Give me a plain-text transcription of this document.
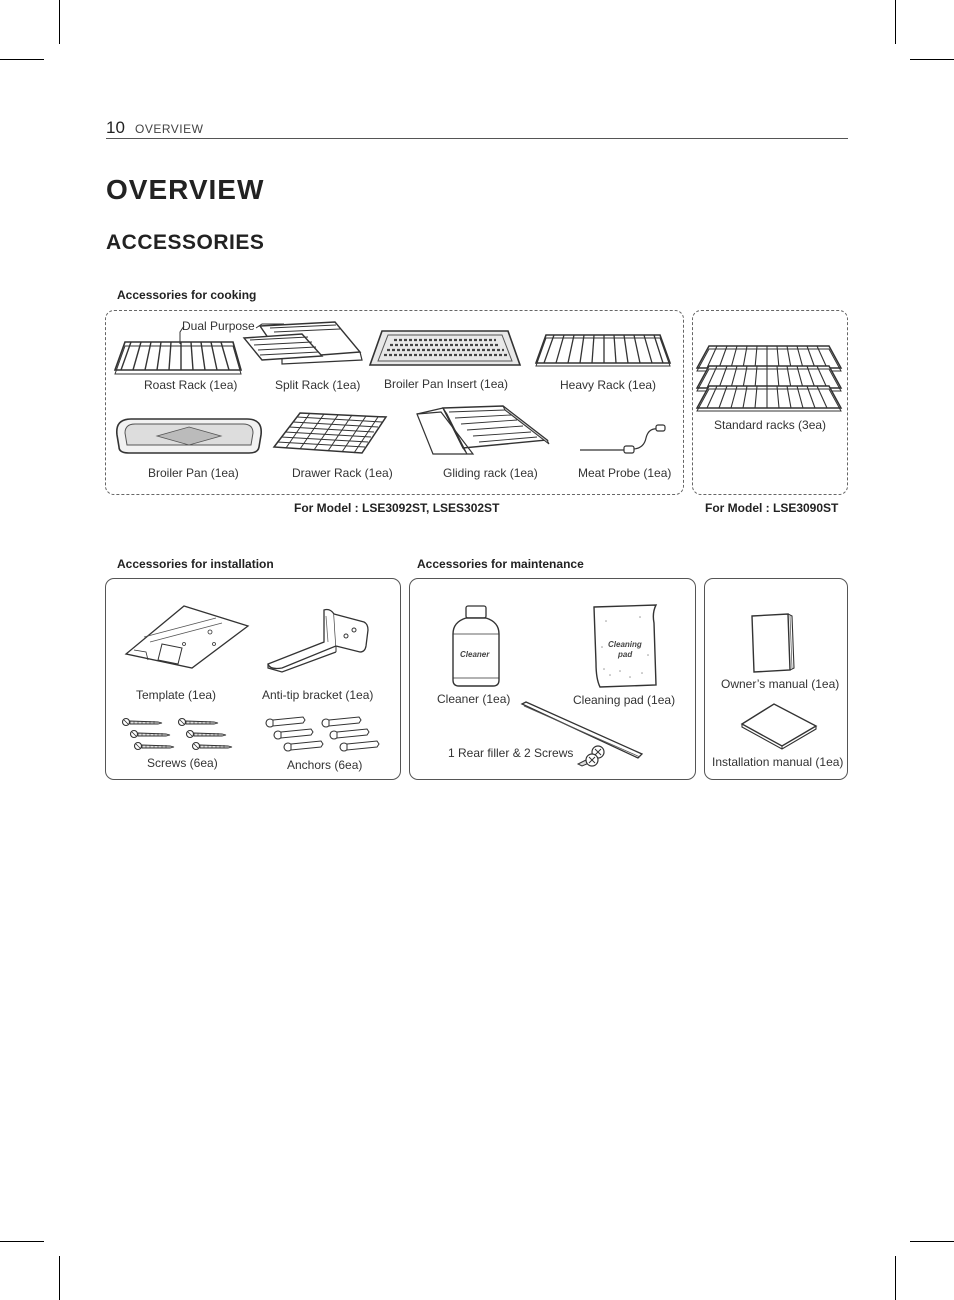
10 OVERVIEW
OVERVIEW
ACCESSORIES
Accessories for cooking
Roast Rack (1ea)
Dual Purpose
Split Rack (1ea) Broiler Pan Insert (1ea)	Heavy Rack (1ea)
Broiler Pan (1ea)	Drawer Rack (1ea)	Gliding rack (1ea)	Meat Probe (1ea)
Standard racks (3ea)
For Model : LSE3092ST, LSES302ST	For Model : LSE3090ST
Accessories for installation	Accessories for maintenance
Template (1ea)	Anti-tip bracket (1ea)
Screws (6ea)	Anchors (6ea)
Cleaner
Cleaner (1ea)
Cleaning
pad
Cleaning pad (1ea)
1 Rear filler & 2 Screws
Owner’s manual (1ea)
Installation manual (1ea)
